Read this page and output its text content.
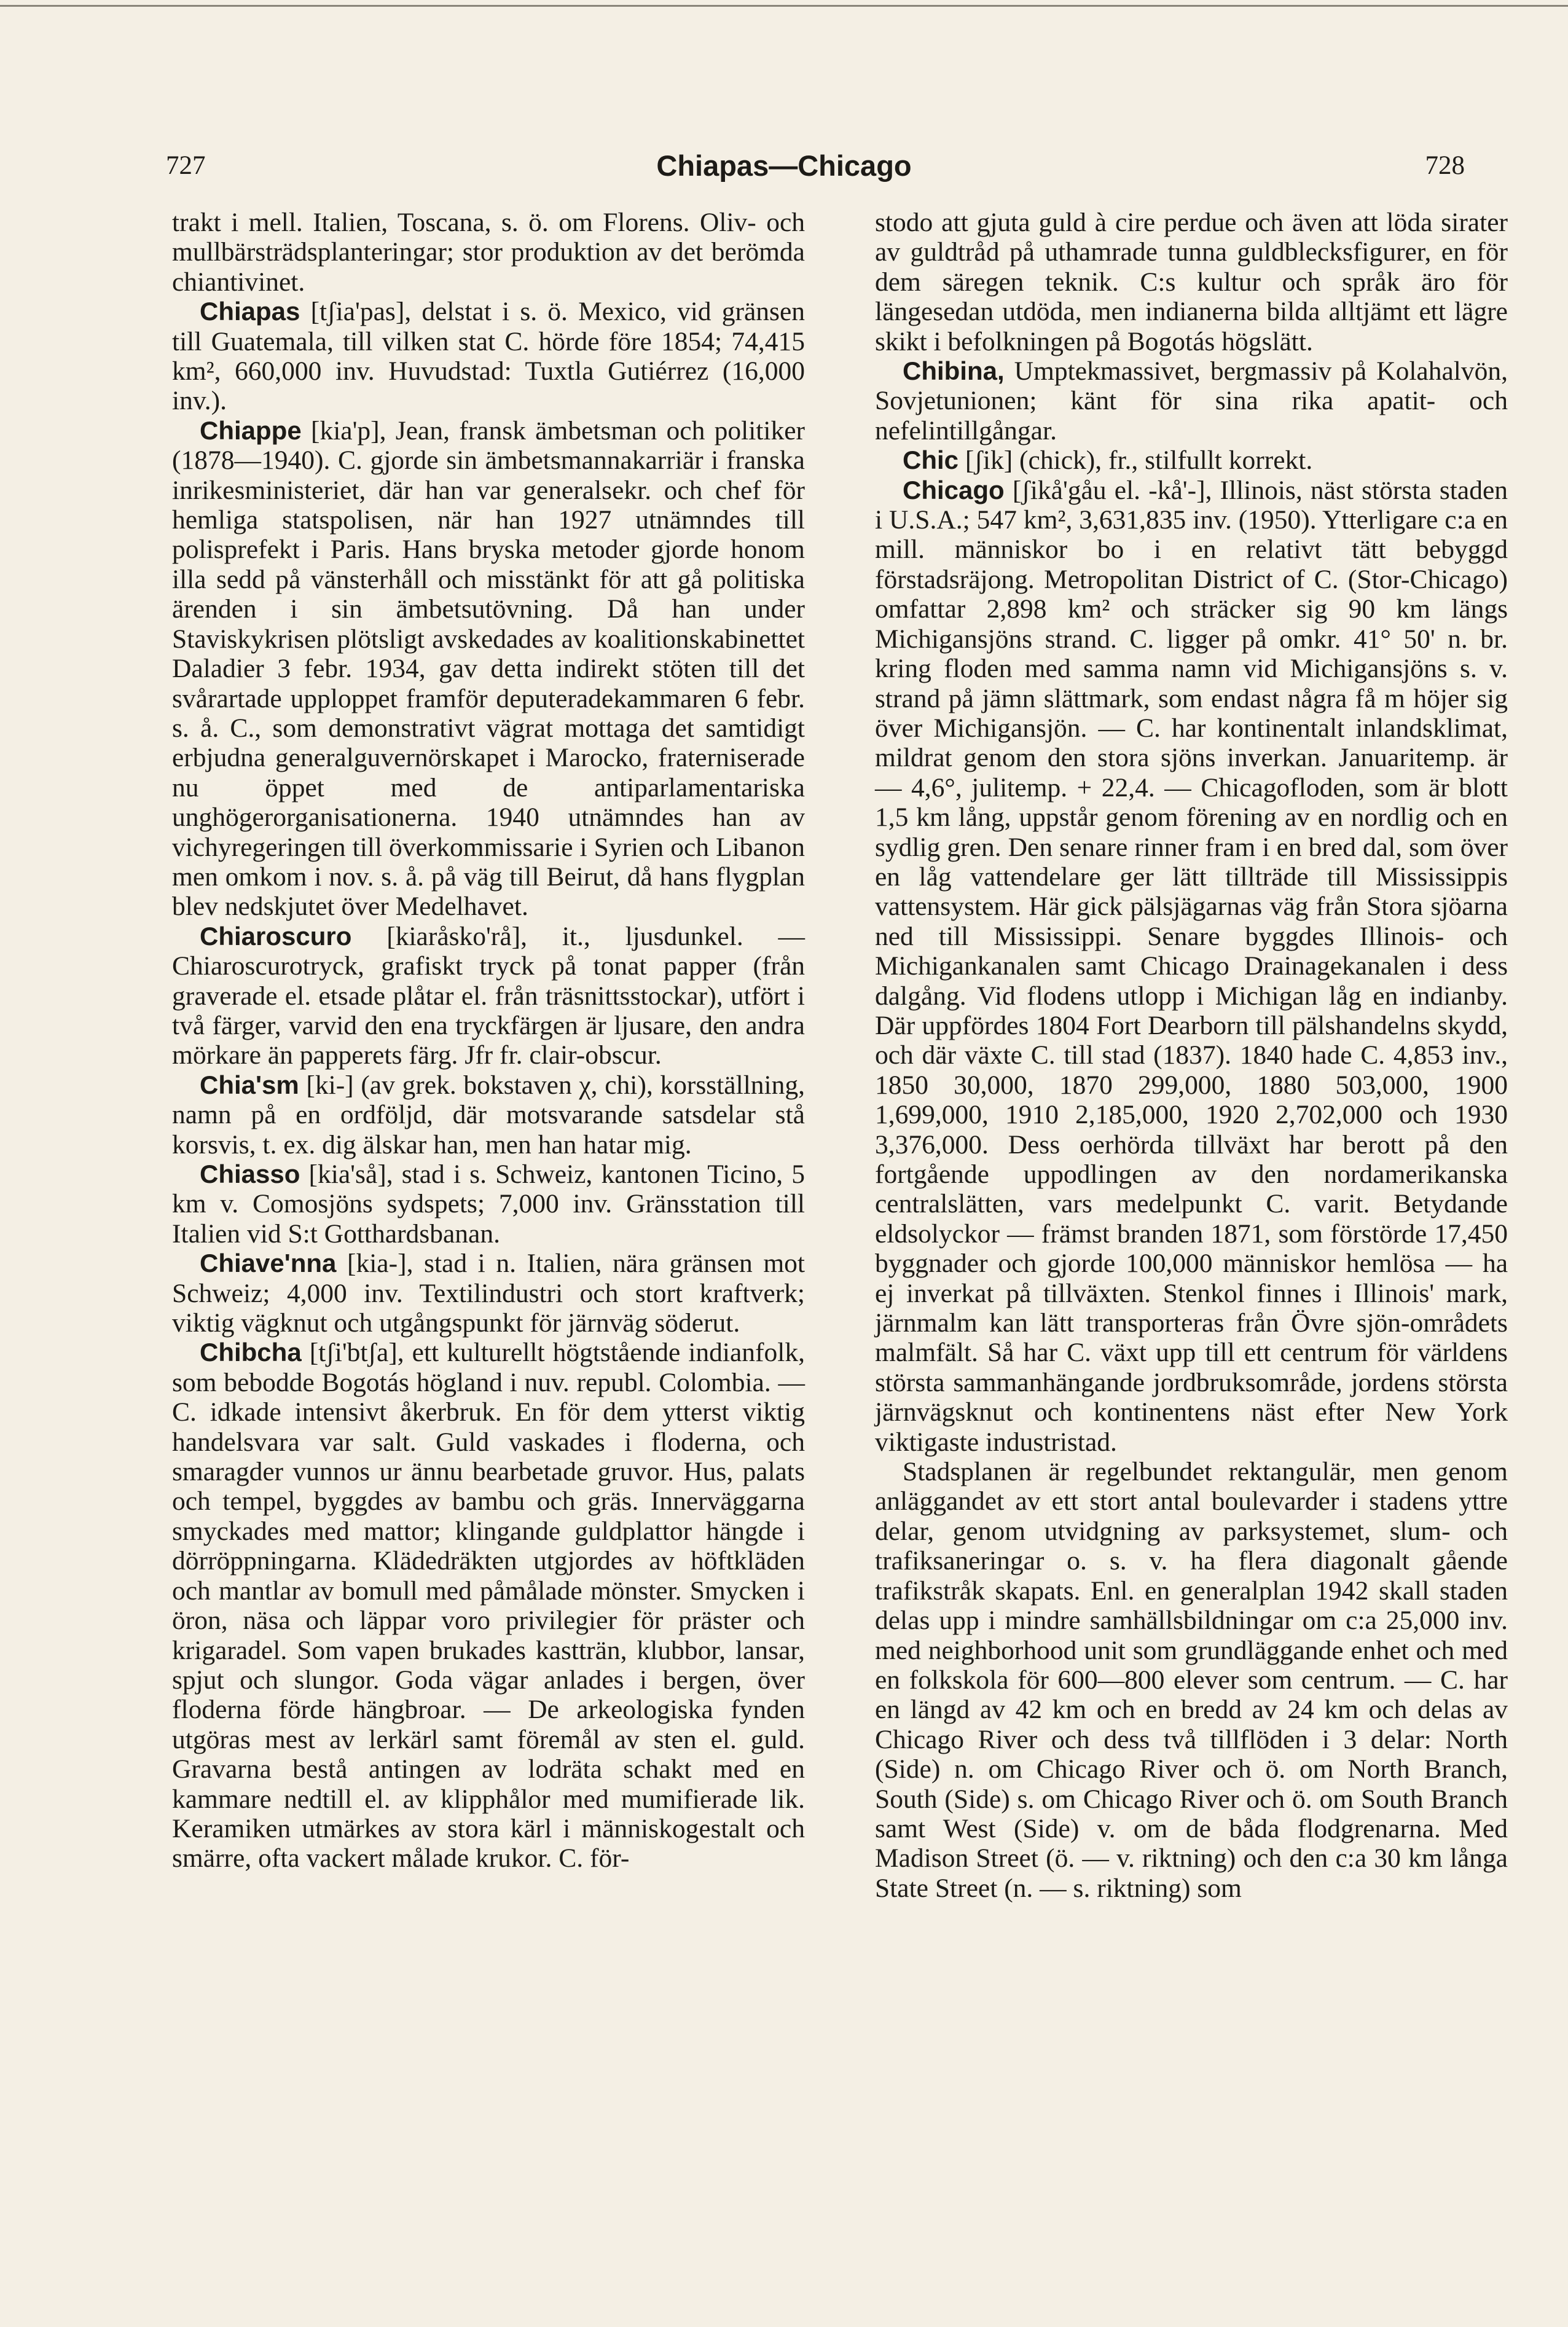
727	Chiapas—Chicago	728

trakt i mell. Italien, Toscana, s. ö. om Florens. Oliv- och mullbärsträdsplanteringar; stor produktion av det berömda chiantivinet.

Chiapas [tʃia'pas], delstat i s. ö. Mexico, vid gränsen till Guatemala, till vilken stat C. hörde före 1854; 74,415 km², 660,000 inv. Huvudstad: Tuxtla Gutiérrez (16,000 inv.).

Chiappe [kia'p], Jean, fransk ämbetsman och politiker (1878—1940). C. gjorde sin ämbetsmannakarriär i franska inrikesministeriet, där han var generalsekr. och chef för hemliga statspolisen, när han 1927 utnämndes till polisprefekt i Paris. Hans bryska metoder gjorde honom illa sedd på vänsterhåll och misstänkt för att gå politiska ärenden i sin ämbetsutövning. Då han under Staviskykrisen plötsligt avskedades av koalitionskabinettet Daladier 3 febr. 1934, gav detta indirekt stöten till det svårartade upploppet framför deputeradekammaren 6 febr. s. å. C., som demonstrativt vägrat mottaga det samtidigt erbjudna generalguvernörskapet i Marocko, fraterniserade nu öppet med de antiparlamentariska unghögerorganisationerna. 1940 utnämndes han av vichyregeringen till överkommissarie i Syrien och Libanon men omkom i nov. s. å. på väg till Beirut, då hans flygplan blev nedskjutet över Medelhavet.

Chiaroscuro [kiaråsko'rå], it., ljusdunkel. — Chiaroscurotryck, grafiskt tryck på tonat papper (från graverade el. etsade plåtar el. från träsnittsstockar), utfört i två färger, varvid den ena tryckfärgen är ljusare, den andra mörkare än papperets färg. Jfr fr. clair-obscur.

Chia'sm [ki-] (av grek. bokstaven χ, chi), korsställning, namn på en ordföljd, där motsvarande satsdelar stå korsvis, t. ex. dig älskar han, men han hatar mig.

Chiasso [kia'så], stad i s. Schweiz, kantonen Ticino, 5 km v. Comosjöns sydspets; 7,000 inv. Gränsstation till Italien vid S:t Gotthardsbanan.

Chiave'nna [kia-], stad i n. Italien, nära gränsen mot Schweiz; 4,000 inv. Textilindustri och stort kraftverk; viktig vägknut och utgångspunkt för järnväg söderut.

Chibcha [tʃi'btʃa], ett kulturellt högtstående indianfolk, som bebodde Bogotás högland i nuv. republ. Colombia. — C. idkade intensivt åkerbruk. En för dem ytterst viktig handelsvara var salt. Guld vaskades i floderna, och smaragder vunnos ur ännu bearbetade gruvor. Hus, palats och tempel, byggdes av bambu och gräs. Innerväggarna smyckades med mattor; klingande guldplattor hängde i dörröppningarna. Klädedräkten utgjordes av höftkläden och mantlar av bomull med påmålade mönster. Smycken i öron, näsa och läppar voro privilegier för präster och krigaradel. Som vapen brukades kastträn, klubbor, lansar, spjut och slungor. Goda vägar anlades i bergen, över floderna förde hängbroar. — De arkeologiska fynden utgöras mest av lerkärl samt föremål av sten el. guld. Gravarna bestå antingen av lodräta schakt med en kammare nedtill el. av klipphålor med mumifierade lik. Keramiken utmärkes av stora kärl i människogestalt och smärre, ofta vackert målade krukor. C. för-

stodo att gjuta guld à cire perdue och även att löda sirater av guldtråd på uthamrade tunna guldblecksfigurer, en för dem säregen teknik. C:s kultur och språk äro för längesedan utdöda, men indianerna bilda alltjämt ett lägre skikt i befolkningen på Bogotás högslätt.

Chibina, Umptekmassivet, bergmassiv på Kolahalvön, Sovjetunionen; känt för sina rika apatit- och nefelintillgångar.

Chic [ʃik] (chick), fr., stilfullt korrekt.

Chicago [ʃikå'gåu el. -kå'-], Illinois, näst största staden i U.S.A.; 547 km², 3,631,835 inv. (1950). Ytterligare c:a en mill. människor bo i en relativt tätt bebyggd förstadsräjong. Metropolitan District of C. (Stor-Chicago) omfattar 2,898 km² och sträcker sig 90 km längs Michigansjöns strand. C. ligger på omkr. 41° 50' n. br. kring floden med samma namn vid Michigansjöns s. v. strand på jämn slättmark, som endast några få m höjer sig över Michigansjön. — C. har kontinentalt inlandsklimat, mildrat genom den stora sjöns inverkan. Januaritemp. är — 4,6°, julitemp. + 22,4. — Chicagofloden, som är blott 1,5 km lång, uppstår genom förening av en nordlig och en sydlig gren. Den senare rinner fram i en bred dal, som över en låg vattendelare ger lätt tillträde till Mississippis vattensystem. Här gick pälsjägarnas väg från Stora sjöarna ned till Mississippi. Senare byggdes Illinois- och Michigankanalen samt Chicago Drainagekanalen i dess dalgång. Vid flodens utlopp i Michigan låg en indianby. Där uppfördes 1804 Fort Dearborn till pälshandelns skydd, och där växte C. till stad (1837). 1840 hade C. 4,853 inv., 1850 30,000, 1870 299,000, 1880 503,000, 1900 1,699,000, 1910 2,185,000, 1920 2,702,000 och 1930 3,376,000. Dess oerhörda tillväxt har berott på den fortgående uppodlingen av den nordamerikanska centralslätten, vars medelpunkt C. varit. Betydande eldsolyckor — främst branden 1871, som förstörde 17,450 byggnader och gjorde 100,000 människor hemlösa — ha ej inverkat på tillväxten. Stenkol finnes i Illinois' mark, järnmalm kan lätt transporteras från Övre sjön-områdets malmfält. Så har C. växt upp till ett centrum för världens största sammanhängande jordbruksområde, jordens största järnvägsknut och kontinentens näst efter New York viktigaste industristad.

Stadsplanen är regelbundet rektangulär, men genom anläggandet av ett stort antal boulevarder i stadens yttre delar, genom utvidgning av parksystemet, slum- och trafiksaneringar o. s. v. ha flera diagonalt gående trafikstråk skapats. Enl. en generalplan 1942 skall staden delas upp i mindre samhällsbildningar om c:a 25,000 inv. med neighborhood unit som grundläggande enhet och med en folkskola för 600—800 elever som centrum. — C. har en längd av 42 km och en bredd av 24 km och delas av Chicago River och dess två tillflöden i 3 delar: North (Side) n. om Chicago River och ö. om North Branch, South (Side) s. om Chicago River och ö. om South Branch samt West (Side) v. om de båda flodgrenarna. Med Madison Street (ö. — v. riktning) och den c:a 30 km långa State Street (n. — s. riktning) som
